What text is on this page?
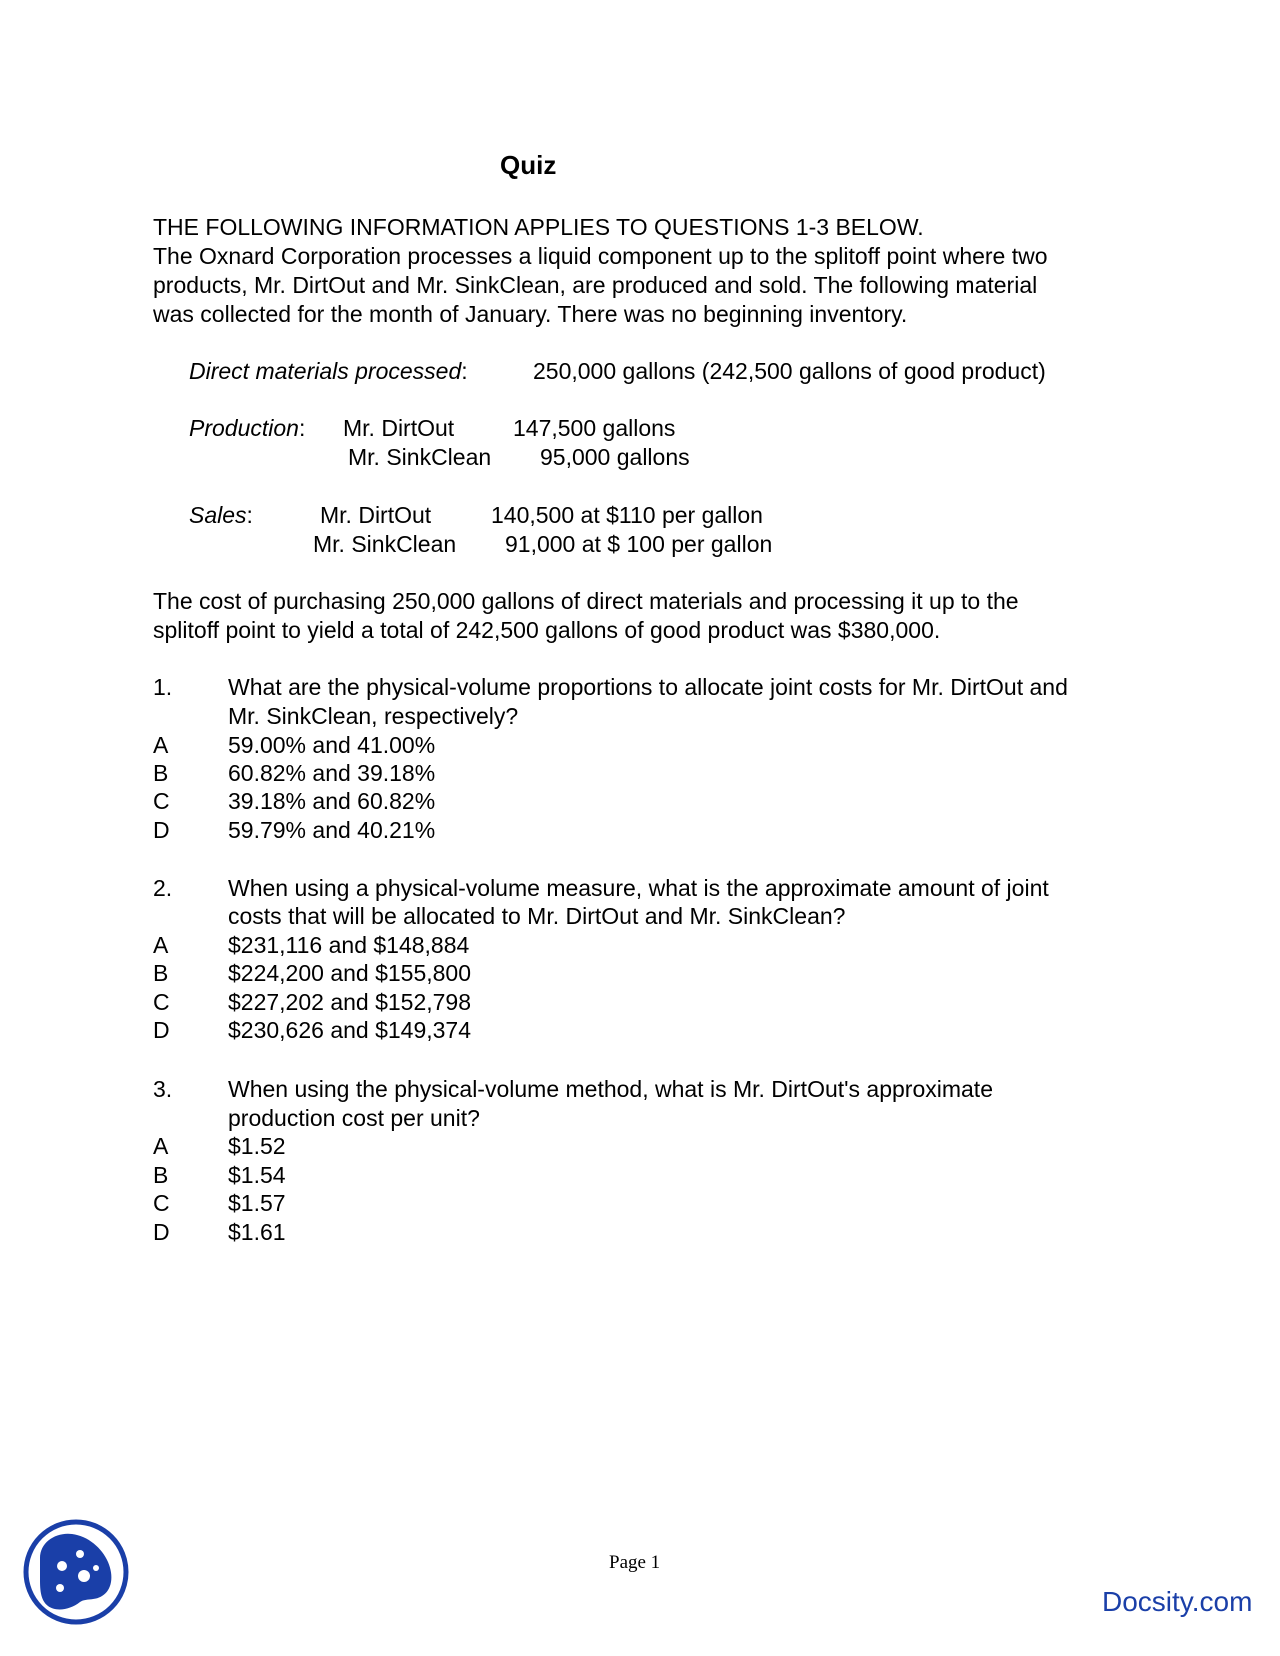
Quiz
THE FOLLOWING INFORMATION APPLIES TO QUESTIONS 1-3 BELOW.
The Oxnard Corporation processes a liquid component up to the splitoff point where two
products, Mr. DirtOut and Mr. SinkClean, are produced and sold. The following material
was collected for the month of January. There was no beginning inventory.
Direct materials processed:	250,000 gallons (242,500 gallons of good product)
Production: Mr. DirtOut	147,500 gallons
Mr. SinkClean 95,000 gallons
Sales:	Mr. DirtOut	140,500 at $110 per gallon
Mr. SinkClean 91,000 at $ 100 per gallon
The cost of purchasing 250,000 gallons of direct materials and processing it up to the
splitoff point to yield a total of 242,500 gallons of good product was $380,000.
1. What are the physical-volume proportions to allocate joint costs for Mr. DirtOut and
Mr. SinkClean, respectively?
A	59.00% and 41.00%
B	60.82% and 39.18%
C	39.18% and 60.82%
D	59.79% and 40.21%
2. When using a physical-volume measure, what is the approximate amount of joint
costs that will be allocated to Mr. DirtOut and Mr. SinkClean?
A	$231,116 and $148,884
B	$224,200 and $155,800
C	$227,202 and $152,798
D	$230,626 and $149,374
3. When using the physical-volume method, what is Mr. DirtOut's approximate
production cost per unit?
A	$1.52
B	$1.54
C	$1.57
D	$1.61
Page 1
Docsity.com
